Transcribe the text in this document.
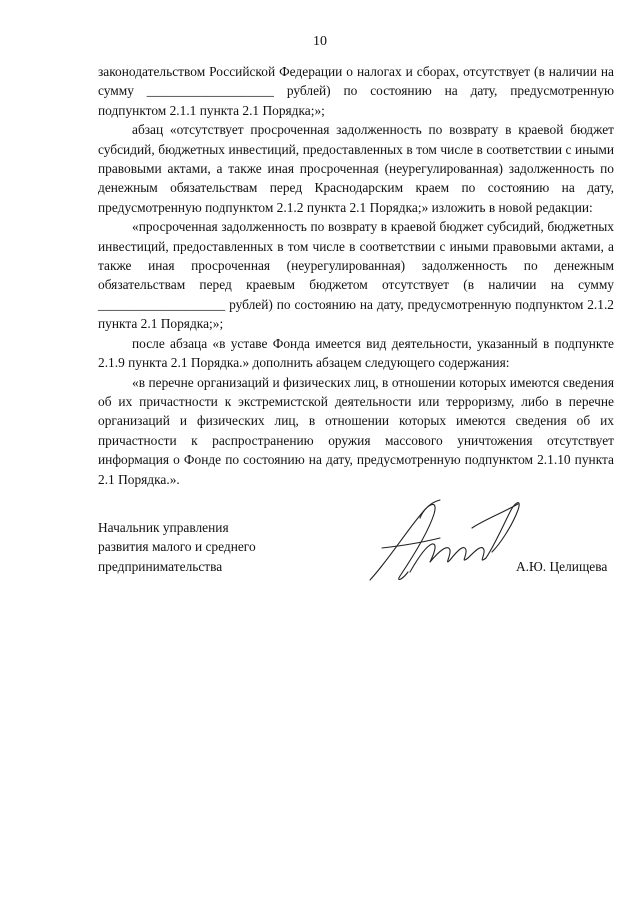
10

законодательством Российской Федерации о налогах и сборах, отсутствует (в наличии на сумму ___________________ рублей) по состоянию на дату, предусмотренную подпунктом 2.1.1 пункта 2.1 Порядка;»;

абзац «отсутствует просроченная задолженность по возврату в краевой бюджет субсидий, бюджетных инвестиций, предоставленных в том числе в соответствии с иными правовыми актами, а также иная просроченная (неурегулированная) задолженность по денежным обязательствам перед Краснодарским краем по состоянию на дату, предусмотренную подпунктом 2.1.2 пункта 2.1 Порядка;» изложить в новой редакции:

«просроченная задолженность по возврату в краевой бюджет субсидий, бюджетных инвестиций, предоставленных в том числе в соответствии с иными правовыми актами, а также иная просроченная (неурегулированная) задолженность по денежным обязательствам перед краевым бюджетом отсутствует (в наличии на сумму ___________________ рублей) по состоянию на дату, предусмотренную подпунктом 2.1.2 пункта 2.1 Порядка;»;

после абзаца «в уставе Фонда имеется вид деятельности, указанный в подпункте 2.1.9 пункта 2.1 Порядка.» дополнить абзацем следующего содержания:

«в перечне организаций и физических лиц, в отношении которых имеются сведения об их причастности к экстремистской деятельности или терроризму, либо в перечне организаций и физических лиц, в отношении которых имеются сведения об их причастности к распространению оружия массового уничтожения отсутствует информация о Фонде по состоянию на дату, предусмотренную подпунктом 2.1.10 пункта 2.1 Порядка.».

Начальник управления
развития малого и среднего
предпринимательства	А.Ю. Целищева
